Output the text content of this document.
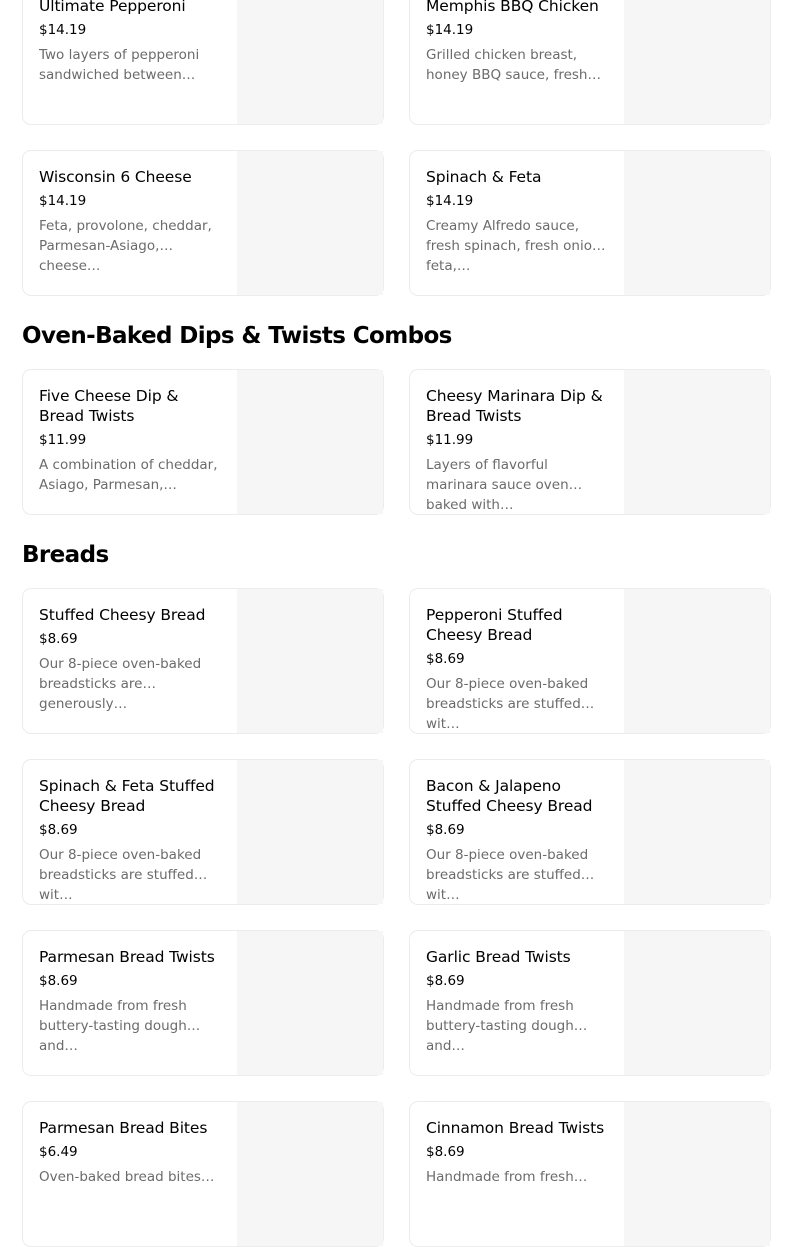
Ultimate Pepperoni
$14.19
Two layers of pepperoni sandwiched between…
Memphis BBQ Chicken
$14.19
Grilled chicken breast, honey BBQ sauce, fresh…
Wisconsin 6 Cheese
$14.19
Feta, provolone, cheddar, Parmesan-Asiago, cheese…
Spinach & Feta
$14.19
Creamy Alfredo sauce, fresh spinach, fresh onions, feta,…
Oven-Baked Dips & Twists Combos
Five Cheese Dip & Bread Twists
$11.99
A combination of cheddar, Asiago, Parmesan,…
Cheesy Marinara Dip & Bread Twists
$11.99
Layers of flavorful marinara sauce oven baked with…
Breads
Stuffed Cheesy Bread
$8.69
Our 8-piece oven-baked breadsticks are generously…
Pepperoni Stuffed Cheesy Bread
$8.69
Our 8-piece oven-baked breadsticks are stuffed wit…
Spinach & Feta Stuffed Cheesy Bread
$8.69
Our 8-piece oven-baked breadsticks are stuffed wit…
Bacon & Jalapeno Stuffed Cheesy Bread
$8.69
Our 8-piece oven-baked breadsticks are stuffed wit…
Parmesan Bread Twists
$8.69
Handmade from fresh buttery-tasting dough and…
Garlic Bread Twists
$8.69
Handmade from fresh buttery-tasting dough and…
Parmesan Bread Bites
$6.49
Oven-baked bread bites…
Cinnamon Bread Twists
$8.69
Handmade from fresh…
